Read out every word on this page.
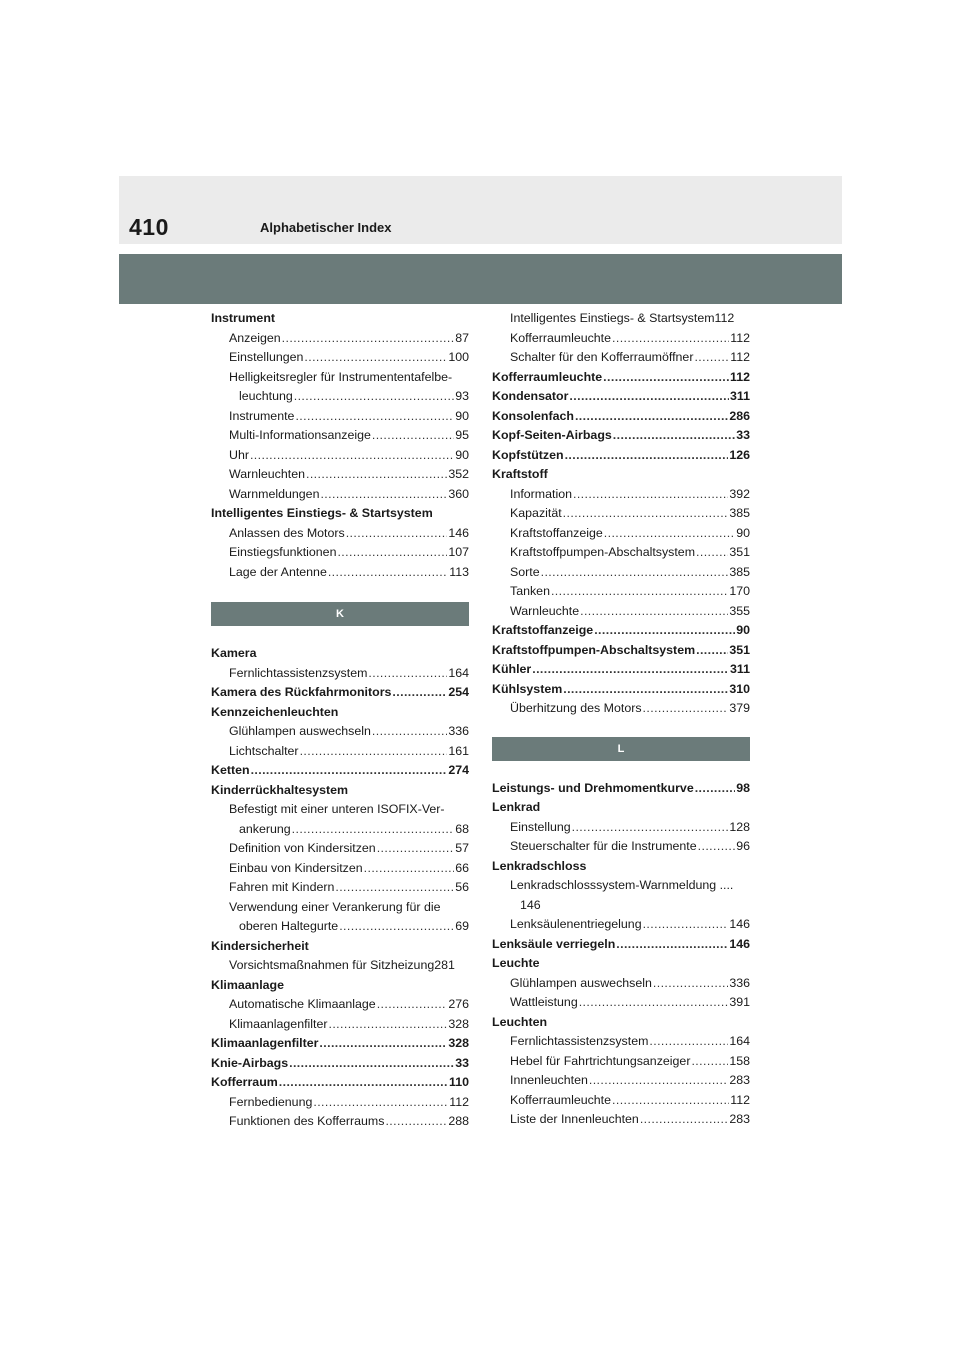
410	Alphabetischer Index
Instrument
Anzeigen .....	87
Einstellungen .....	100
Helligkeitsregler für Instrumententafelbe-
leuchtung .....	93
Instrumente .....	90
Multi-Informationsanzeige .....	95
Uhr .....	90
Warnleuchten .....	352
Warnmeldungen .....	360
Intelligentes Einstiegs- & Startsystem
Anlassen des Motors .....	146
Einstiegsfunktionen .....	107
Lage der Antenne .....	113
K
Kamera
Fernlichtassistenzsystem .....	164
Kamera des Rückfahrmonitors .....	254
Kennzeichenleuchten
Glühlampen auswechseln .....	336
Lichtschalter .....	161
Ketten .....	274
Kinderrückhaltesystem
Befestigt mit einer unteren ISOFIX-Ver-
ankerung .....	68
Definition von Kindersitzen .....	57
Einbau von Kindersitzen .....	66
Fahren mit Kindern .....	56
Verwendung einer Verankerung für die
oberen Haltegurte .....	69
Kindersicherheit
Vorsichtsmaßnahmen für Sitzheizung281
Klimaanlage
Automatische Klimaanlage .....	276
Klimaanlagenfilter .....	328
Klimaanlagenfilter .....	328
Knie-Airbags .....	33
Kofferraum .....	110
Fernbedienung .....	112
Funktionen des Kofferraums .....	288
Intelligentes Einstiegs- & Startsystem112
Kofferraumleuchte .....	112
Schalter für den Kofferraumöffner .....	112
Kofferraumleuchte .....	112
Kondensator .....	311
Konsolenfach .....	286
Kopf-Seiten-Airbags .....	33
Kopfstützen .....	126
Kraftstoff
Information .....	392
Kapazität .....	385
Kraftstoffanzeige .....	90
Kraftstoffpumpen-Abschaltsystem .....	351
Sorte .....	385
Tanken .....	170
Warnleuchte .....	355
Kraftstoffanzeige .....	90
Kraftstoffpumpen-Abschaltsystem .....	351
Kühler .....	311
Kühlsystem .....	310
Überhitzung des Motors .....	379
L
Leistungs- und Drehmomentkurve .....	98
Lenkrad
Einstellung .....	128
Steuerschalter für die Instrumente .....	96
Lenkradschloss
Lenkradschlosssystem-Warnmeldung ....
146
Lenksäulenentriegelung .....	146
Lenksäule verriegeln .....	146
Leuchte
Glühlampen auswechseln .....	336
Wattleistung .....	391
Leuchten
Fernlichtassistenzsystem .....	164
Hebel für Fahrtrichtungsanzeiger .....	158
Innenleuchten .....	283
Kofferraumleuchte .....	112
Liste der Innenleuchten .....	283
